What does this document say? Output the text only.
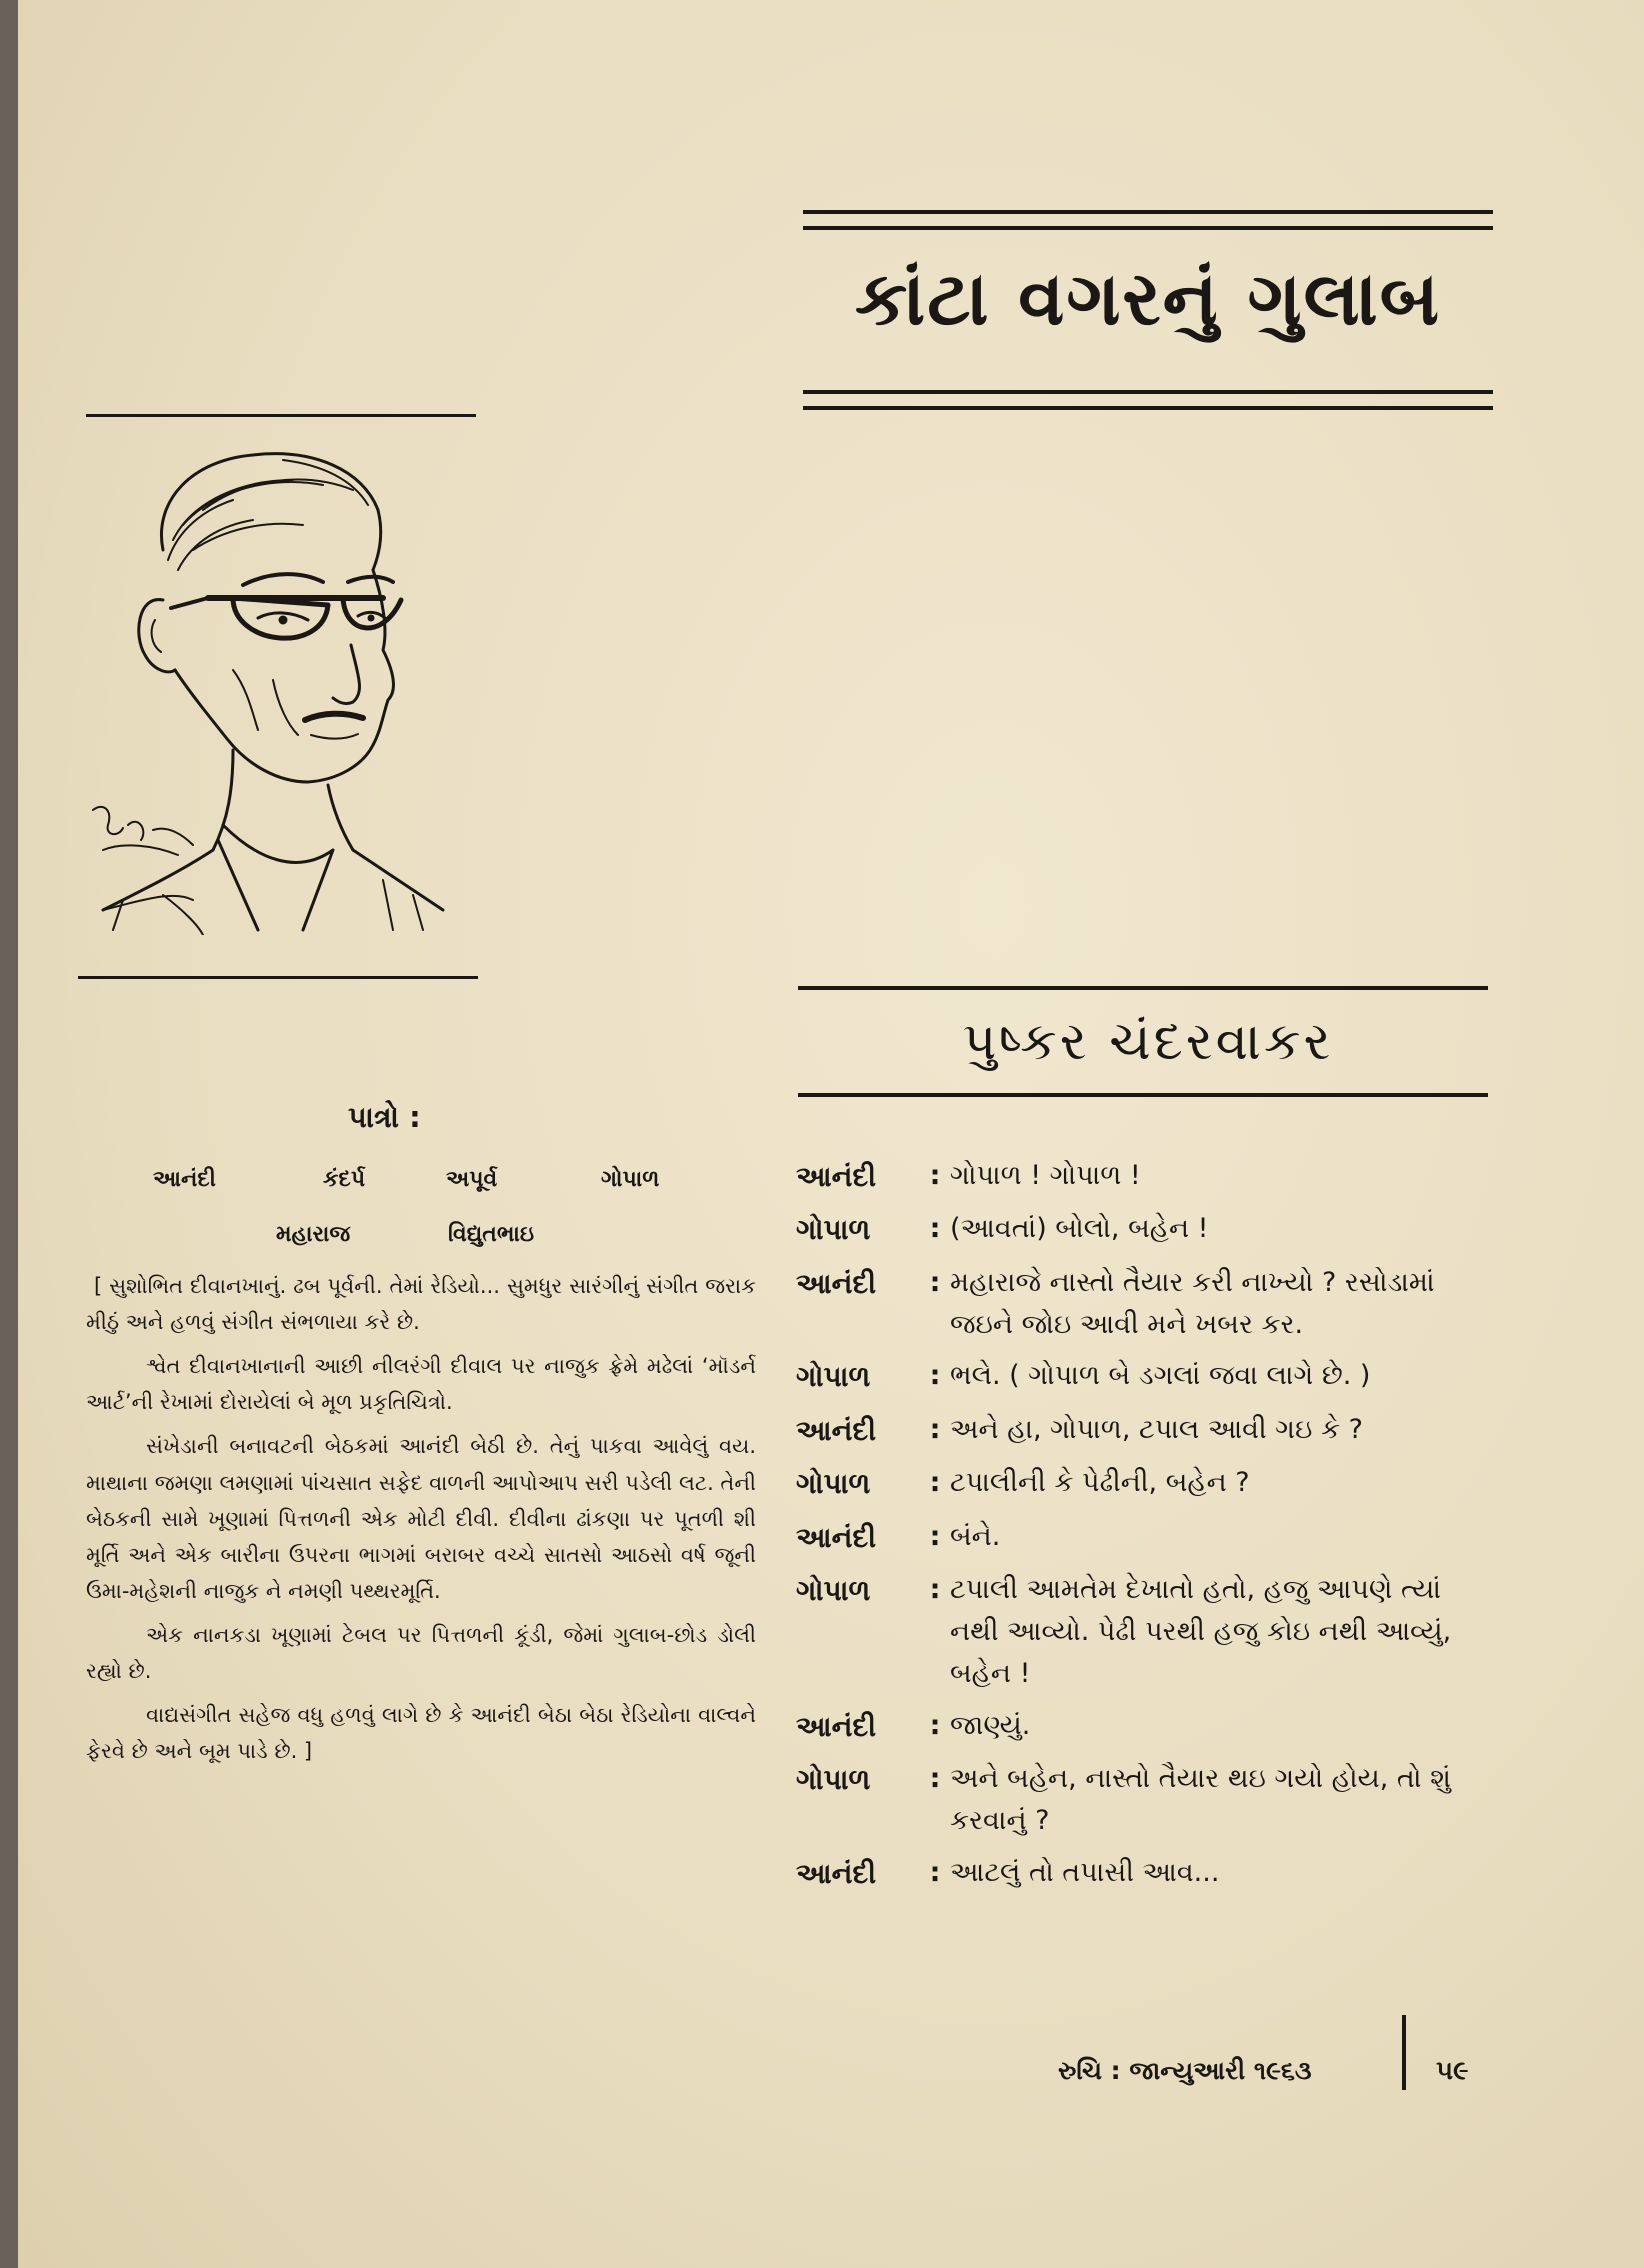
કાંટા વગરનું ગુલાબ
પુષ્કર ચંદરવાકર
પાત્રો :
આનંદી	કંદર્પ	અપૂર્વ	ગોપાળ
મહારાજ	વિદ્યુતભાઇ

[ સુશોભિત દીવાનખાનું. ઢબ પૂર્વની. તેમાં રેડિયો... સુમધુર સારંગીનું સંગીત જરાક મીઠું અને હળવું સંગીત સંભળાયા કરે છે.

શ્વેત દીવાનખાનાની આછી નીલરંગી દીવાલ પર નાજુક ફ્રેમે મઢેલાં ‘મૉડર્ન આર્ટ’ની રેખામાં દોરાયેલાં બે મૂળ પ્રકૃતિચિત્રો.

સંખેડાની બનાવટની બેઠકમાં આનંદી બેઠી છે. તેનું પાકવા આવેલું વય. માથાના જમણા લમણામાં પાંચસાત સફેદ વાળની આપોઆપ સરી પડેલી લટ. તેની બેઠકની સામે ખૂણામાં પિત્તળની એક મોટી દીવી. દીવીના ઢાંકણા પર પૂતળી શી મૂર્તિ અને એક બારીના ઉપરના ભાગમાં બરાબર વચ્ચે સાતસો આઠસો વર્ષ જૂની ઉમા-મહેશની નાજુક ને નમણી પથ્થરમૂર્તિ.

એક નાનકડા ખૂણામાં ટેબલ પર પિત્તળની કૂંડી, જેમાં ગુલાબ-છોડ ડોલી રહ્યો છે.

વાદ્યસંગીત સહેજ વધુ હળવું લાગે છે કે આનંદી બેઠા બેઠા રેડિયોના વાલ્વને ફેરવે છે અને બૂમ પાડે છે. ]

આનંદી	: ગોપાળ ! ગોપાળ !
ગોપાળ	: (આવતાં) બોલો, બહેન !
આનંદી	: મહારાજે નાસ્તો તૈયાર કરી નાખ્યો ? રસોડામાં જઇને જોઇ આવી મને ખબર કર.
ગોપાળ	: ભલે. ( ગોપાળ બે ડગલાં જવા લાગે છે. )
આનંદી	: અને હા, ગોપાળ, ટપાલ આવી ગઇ કે ?
ગોપાળ	: ટપાલીની કે પેઢીની, બહેન ?
આનંદી	: બંને.
ગોપાળ	: ટપાલી આમતેમ દેખાતો હતો, હજુ આપણે ત્યાં નથી આવ્યો. પેઢી પરથી હજુ કોઇ નથી આવ્યું, બહેન !
આનંદી	: જાણ્યું.
ગોપાળ	: અને બહેન, નાસ્તો તૈયાર થઇ ગયો હોય, તો શું કરવાનું ?
આનંદી	: આટલું તો તપાસી આવ...
રુચિ : જાન્યુઆરી ૧૯૬૩	૫૯
